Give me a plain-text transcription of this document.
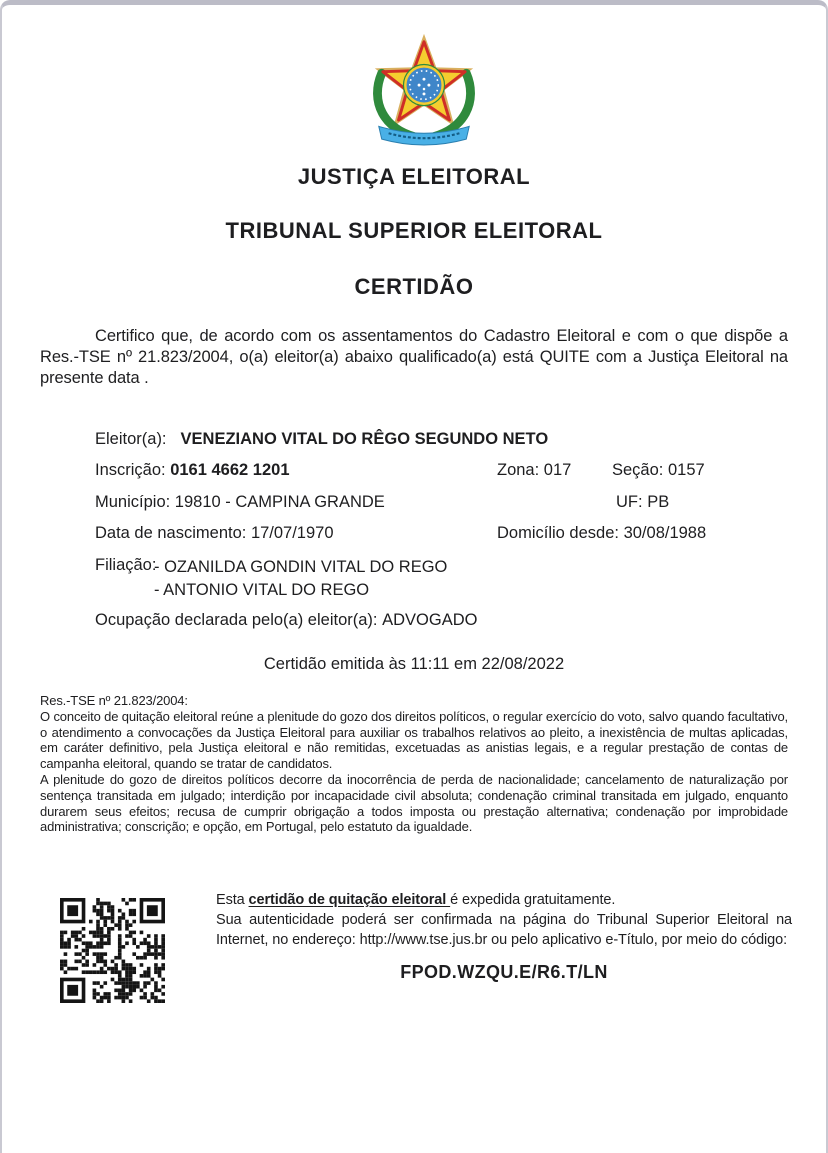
JUSTIÇA ELEITORAL
TRIBUNAL SUPERIOR ELEITORAL
CERTIDÃO

Certifico que, de acordo com os assentamentos do Cadastro Eleitoral e com o que dispõe a Res.-TSE nº 21.823/2004, o(a) eleitor(a) abaixo qualificado(a) está QUITE com a Justiça Eleitoral na presente data .

Eleitor(a): VENEZIANO VITAL DO RÊGO SEGUNDO NETO
Inscrição: 0161 4662 1201	Zona: 017 Seção: 0157
Município: 19810 - CAMPINA GRANDE	UF: PB
Data de nascimento: 17/07/1970	Domicílio desde: 30/08/1988
Filiação:
- OZANILDA GONDIN VITAL DO REGO
- ANTONIO VITAL DO REGO
Ocupação declarada pelo(a) eleitor(a): ADVOGADO
Certidão emitida às 11:11 em 22/08/2022
Res.-TSE nº 21.823/2004:
O conceito de quitação eleitoral reúne a plenitude do gozo dos direitos políticos, o regular exercício do voto, salvo quando facultativo, o atendimento a convocações da Justiça Eleitoral para auxiliar os trabalhos relativos ao pleito, a inexistência de multas aplicadas, em caráter definitivo, pela Justiça eleitoral e não remitidas, excetuadas as anistias legais, e a regular prestação de contas de campanha eleitoral, quando se tratar de candidatos.
A plenitude do gozo de direitos políticos decorre da inocorrência de perda de nacionalidade; cancelamento de naturalização por sentença transitada em julgado; interdição por incapacidade civil absoluta; condenação criminal transitada em julgado, enquanto durarem seus efeitos; recusa de cumprir obrigação a todos imposta ou prestação alternativa; condenação por improbidade administrativa; conscrição; e opção, em Portugal, pelo estatuto da igualdade.
Esta certidão de quitação eleitoral é expedida gratuitamente.
Sua autenticidade poderá ser confirmada na página do Tribunal Superior Eleitoral na Internet, no endereço: http://www.tse.jus.br ou pelo aplicativo e-Título, por meio do código:
FPOD.WZQU.E/R6.T/LN
